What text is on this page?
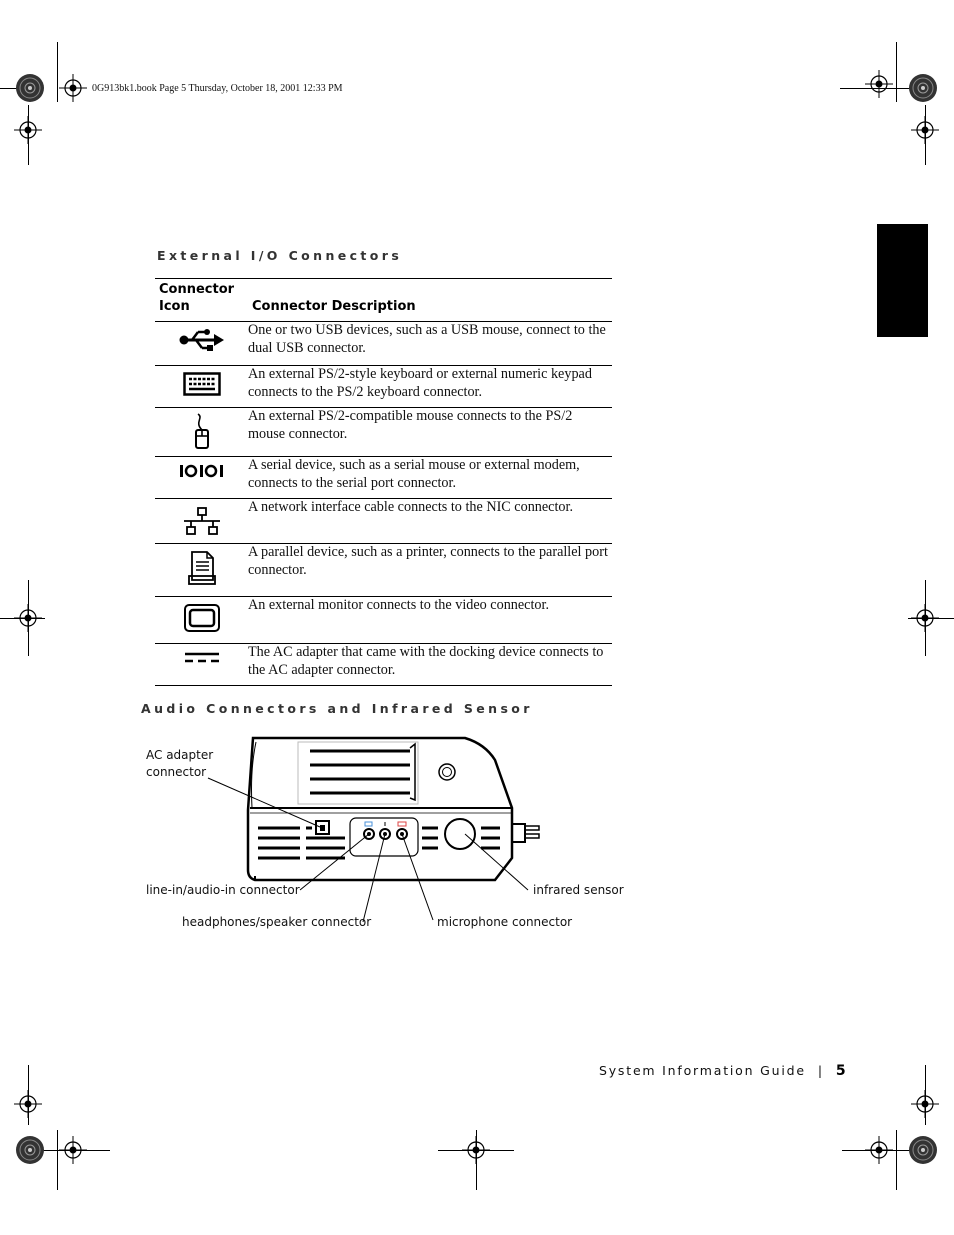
0G913bk1.book Page 5 Thursday, October 18, 2001 12:33 PM
External I/O Connectors
Connector
Icon	Connector Description

	One or two USB devices, such as a USB mouse, connect to the dual USB connector.

	An external PS/2-style keyboard or external numeric keypad connects to the PS/2 keyboard connector.

	An external PS/2-compatible mouse connects to the PS/2 mouse connector.

	A serial device, such as a serial mouse or external modem, connects to the serial port connector.

	A network interface cable connects to the NIC connector.

	A parallel device, such as a printer, connects to the parallel port connector.

	An external monitor connects to the video connector.

	The AC adapter that came with the docking device connects to the AC adapter connector.
Audio Connectors and Infrared Sensor
AC adapter
connector
line-in/audio-in connector
headphones/speaker connector	microphone connector
infrared sensor
System Information Guide | 5
